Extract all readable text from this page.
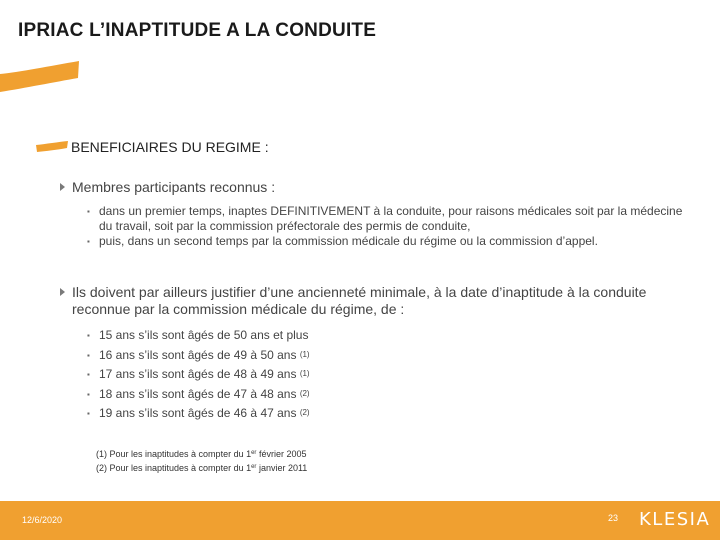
IPRIAC L’INAPTITUDE A LA CONDUITE
BENEFICIAIRES DU REGIME :
Membres participants reconnus :
▪ dans un premier temps, inaptes DEFINITIVEMENT à la conduite, pour raisons médicales soit par la médecine du travail, soit par la commission préfectorale des permis de conduite,
▪ puis, dans un second temps par la commission médicale du régime ou la commission d’appel.
Ils doivent par ailleurs justifier d’une ancienneté minimale, à la date d’inaptitude à la conduite reconnue par la commission médicale du régime, de :
▪ 15 ans s’ils sont âgés de 50 ans et plus
▪ 16 ans s’ils sont âgés de 49 à 50 ans $^{(1)}$
▪ 17 ans s’ils sont âgés de 48 à 49 ans $^{(1)}$
▪ 18 ans s’ils sont âgés de 47 à 48 ans $^{(2)}$
▪ 19 ans s’ils sont âgés de 46 à 47 ans $^{(2)}$
(1) Pour les inaptitudes à compter du 1er février 2005
(2) Pour les inaptitudes à compter du 1er janvier 2011
12/6/2020	23 KLESIA
